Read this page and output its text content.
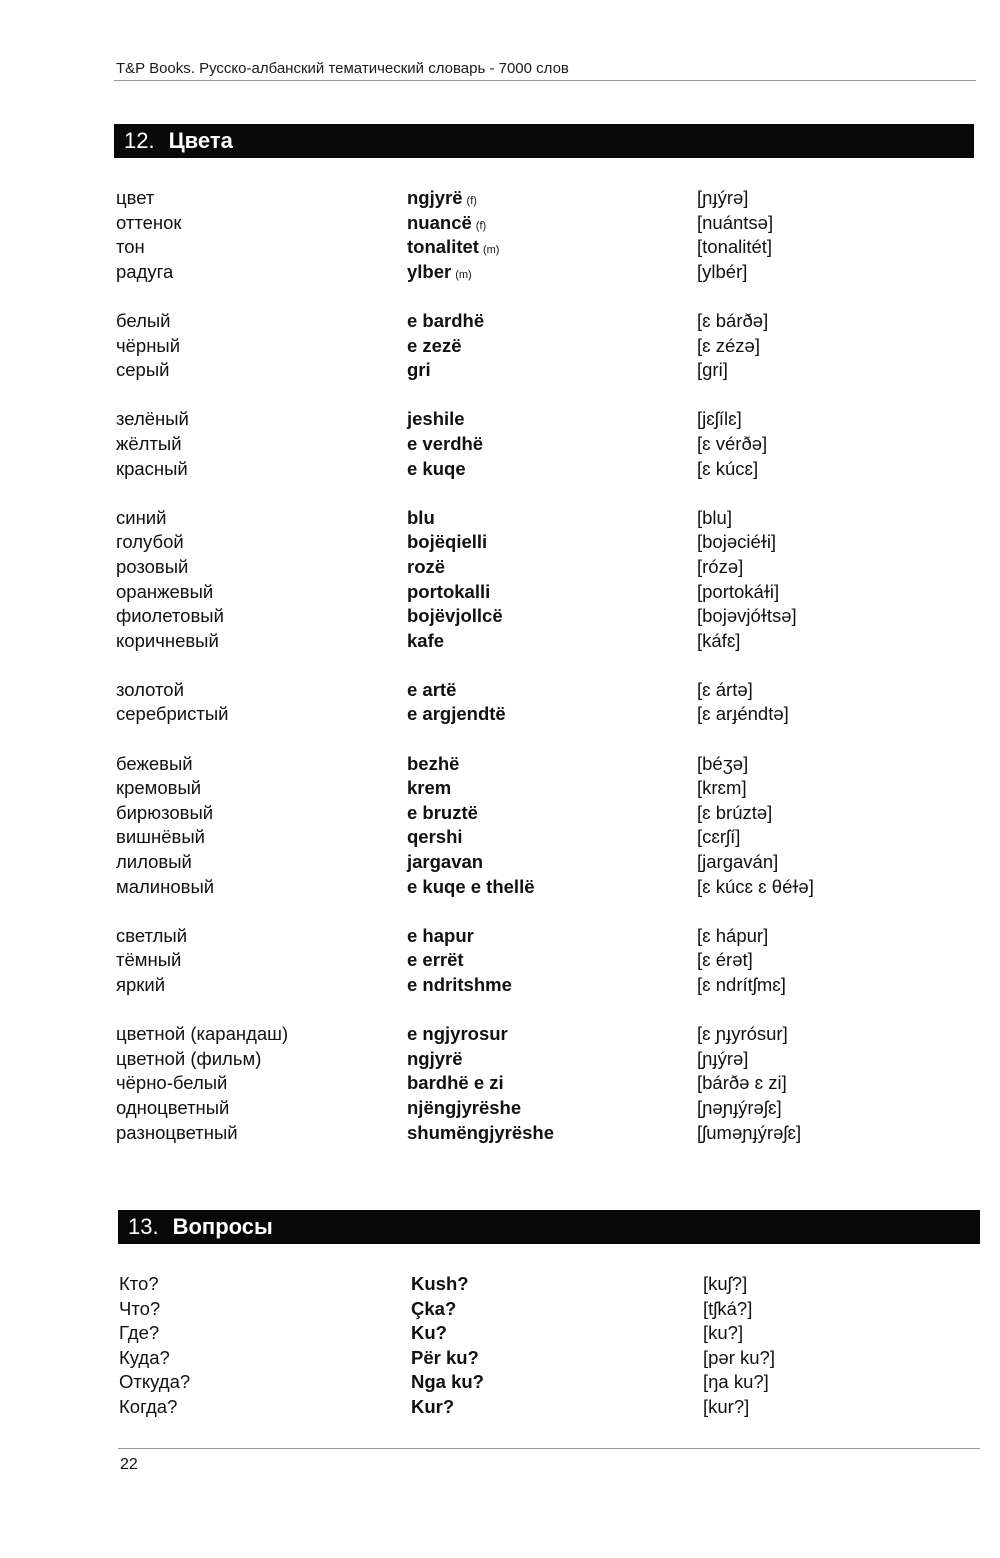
T&P Books. Русско-албанский тематический словарь - 7000 слов
12. Цвета
цвет	ngjyrë (f)	[ɲɟýrə]
оттенок	nuancë (f)	[nuántsə]
тон	tonalitet (m)	[tonalitét]
радуга	ylber (m)	[ylbér]
белый	e bardhë	[ɛ bárðə]
чёрный	e zezë	[ɛ zézə]
серый	gri	[gri]
зелёный	jeshile	[jɛʃílɛ]
жёлтый	e verdhë	[ɛ vérðə]
красный	e kuqe	[ɛ kúcɛ]
синий	blu	[blu]
голубой	bojëqielli	[bojəciéɫi]
розовый	rozë	[rózə]
оранжевый	portokalli	[portokáɫi]
фиолетовый	bojëvjollcë	[bojəvjóɫtsə]
коричневый	kafe	[káfɛ]
золотой	e artë	[ɛ ártə]
серебристый	e argjendtë	[ɛ arɟéndtə]
бежевый	bezhë	[béʒə]
кремовый	krem	[krɛm]
бирюзовый	e bruztë	[ɛ brúztə]
вишнёвый	qershi	[cɛrʃí]
лиловый	jargavan	[jargaván]
малиновый	e kuqe e thellë	[ɛ kúcɛ ɛ θéɫə]
светлый	e hapur	[ɛ hápur]
тёмный	e errët	[ɛ érət]
яркий	e ndritshme	[ɛ ndrítʃmɛ]
цветной (карандаш)	e ngjyrosur	[ɛ ɲɟyrósur]
цветной (фильм)	ngjyrë	[ɲɟýrə]
чёрно-белый	bardhë e zi	[bárðə ɛ zi]
одноцветный	njëngjyrëshe	[ɲəɲɟýrəʃɛ]
разноцветный	shumëngjyrëshe	[ʃuməɲɟýrəʃɛ]
13. Вопросы
Кто?	Kush?	[kuʃ?]
Что?	Çka?	[tʃká?]
Где?	Ku?	[ku?]
Куда?	Për ku?	[pər ku?]
Откуда?	Nga ku?	[ŋa ku?]
Когда?	Kur?	[kur?]
22
